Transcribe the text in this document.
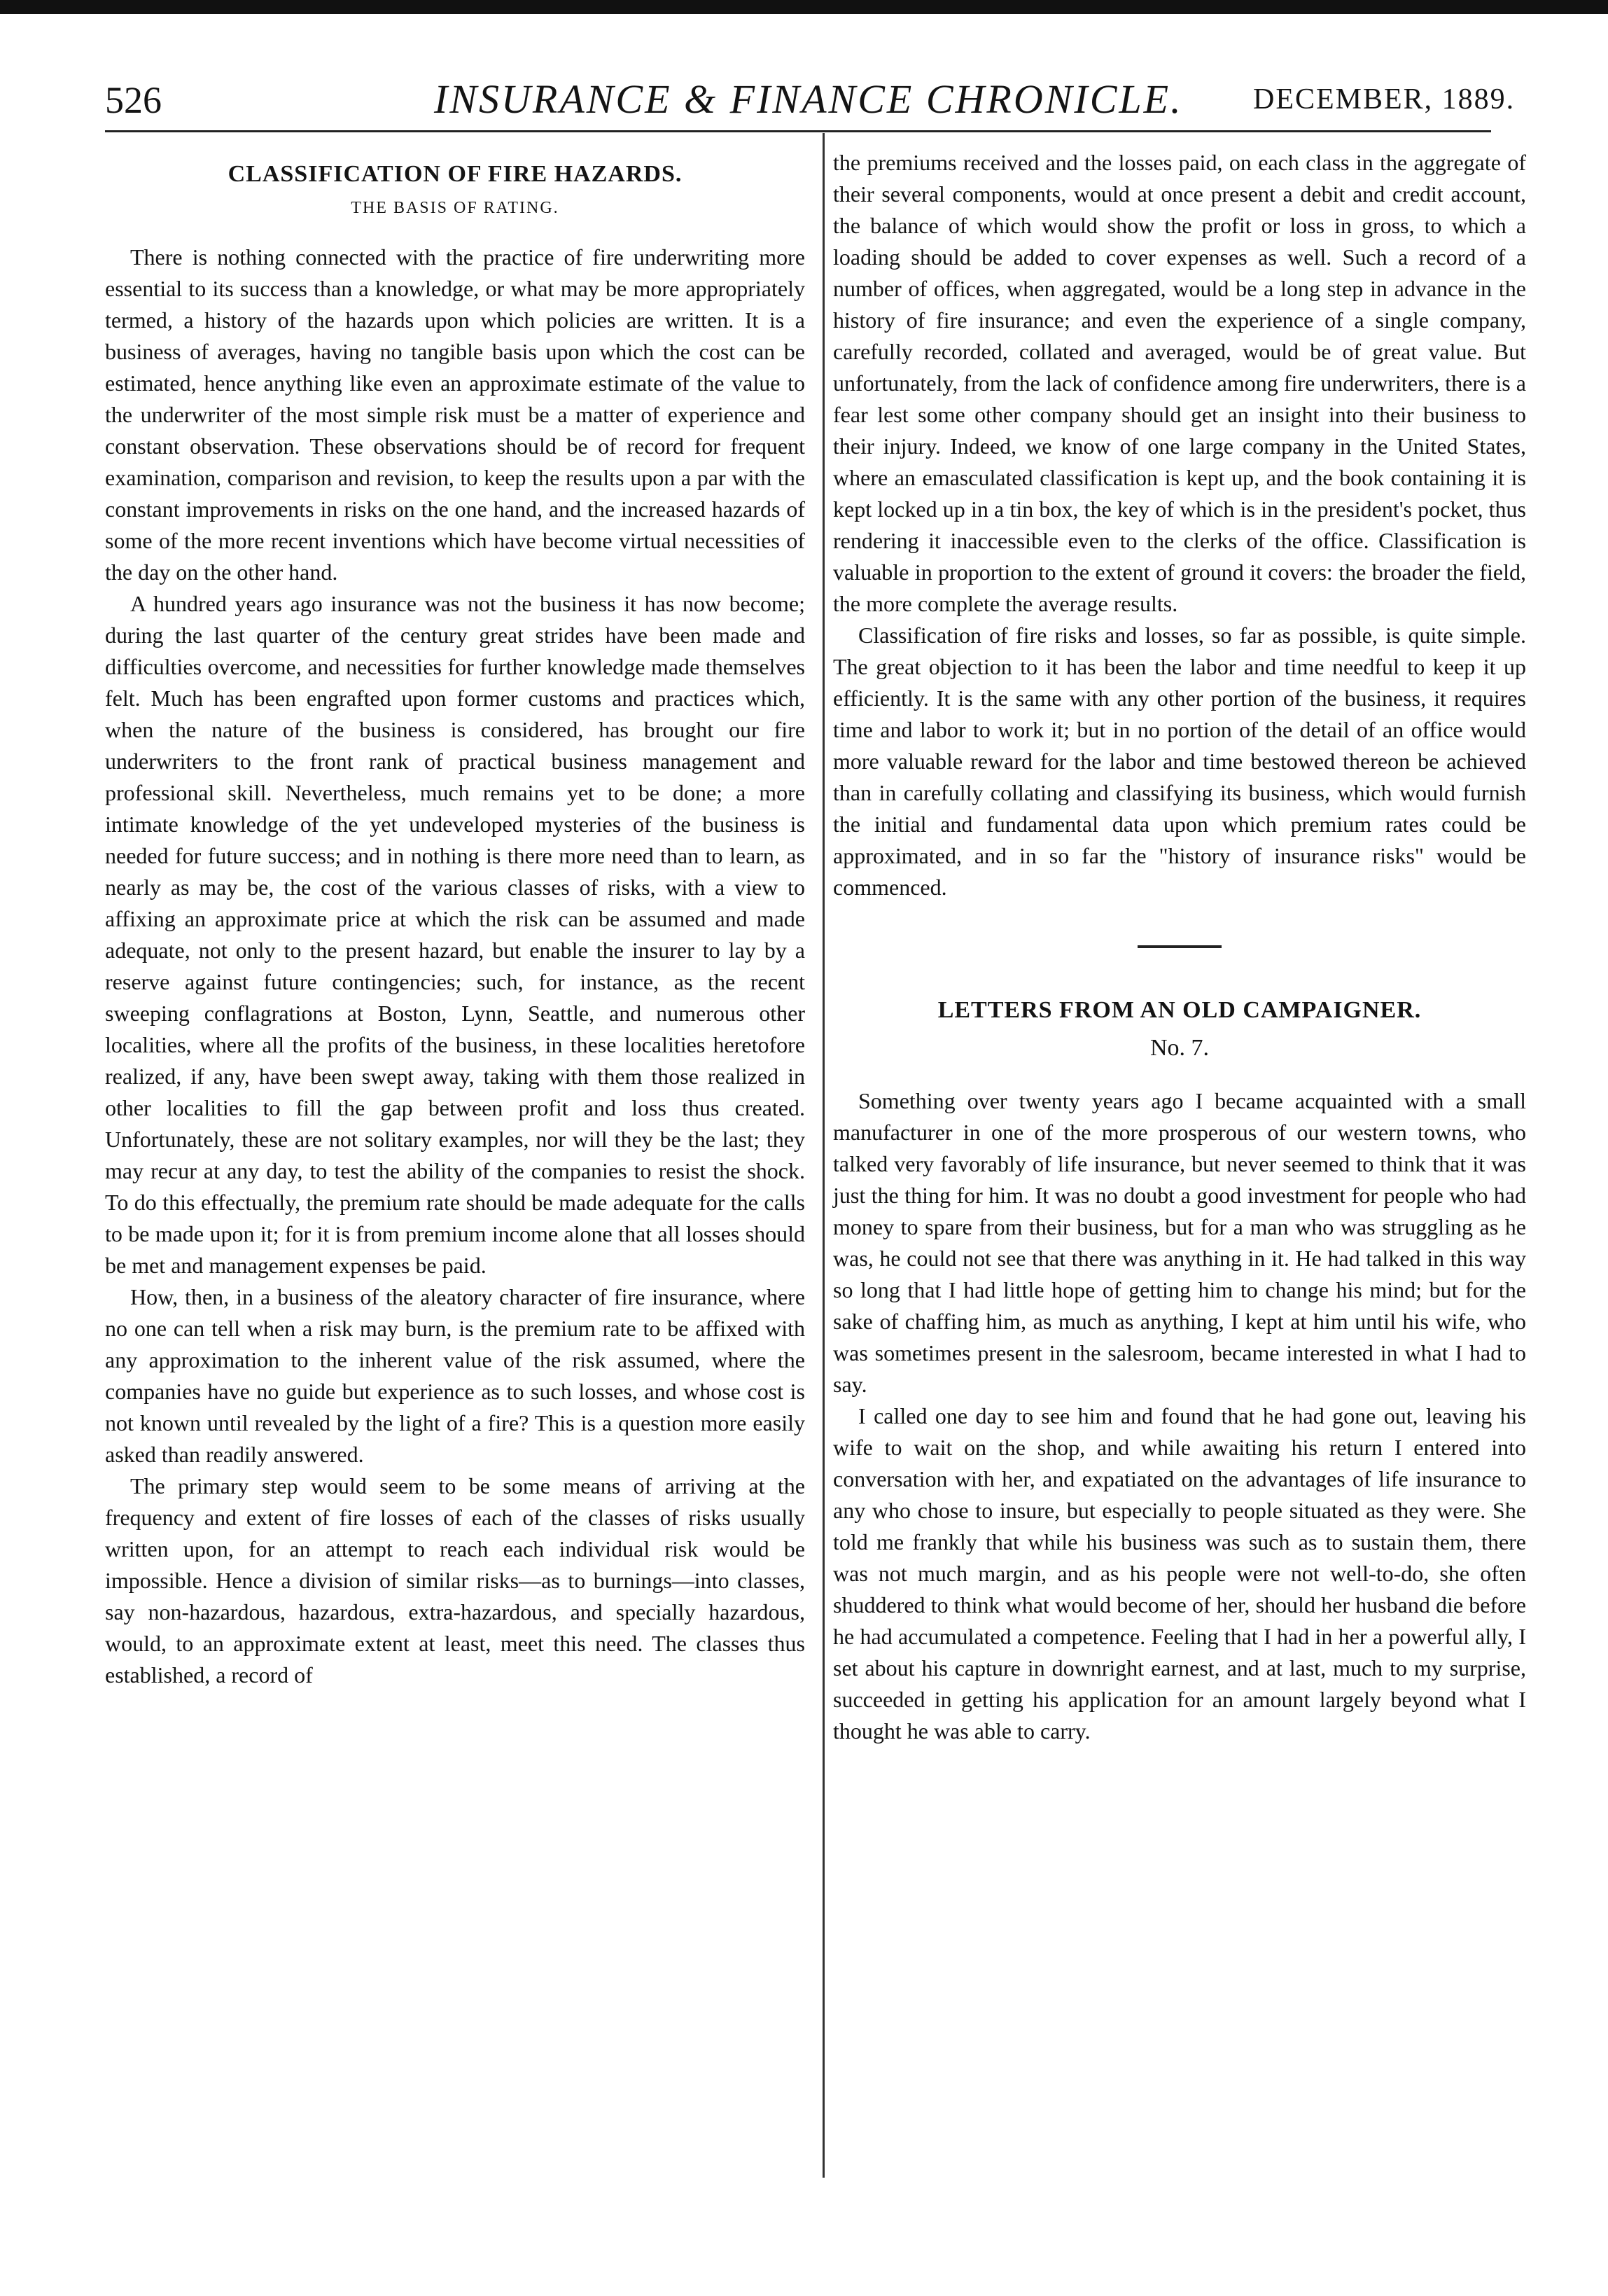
526	INSURANCE & FINANCE CHRONICLE. DECEMBER, 1889.
CLASSIFICATION OF FIRE HAZARDS.
THE BASIS OF RATING.

There is nothing connected with the practice of fire underwriting more essential to its success than a knowledge, or what may be more appropriately termed, a history of the hazards upon which policies are written. It is a business of averages, having no tangible basis upon which the cost can be estimated, hence anything like even an approximate estimate of the value to the underwriter of the most simple risk must be a matter of experience and constant observation. These observations should be of record for frequent examination, comparison and revision, to keep the results upon a par with the constant improvements in risks on the one hand, and the increased hazards of some of the more recent inventions which have become virtual necessities of the day on the other hand.

A hundred years ago insurance was not the business it has now become; during the last quarter of the century great strides have been made and difficulties overcome, and necessities for further knowledge made themselves felt. Much has been engrafted upon former customs and practices which, when the nature of the business is considered, has brought our fire underwriters to the front rank of practical business management and professional skill. Nevertheless, much remains yet to be done; a more intimate knowledge of the yet undeveloped mysteries of the business is needed for future success; and in nothing is there more need than to learn, as nearly as may be, the cost of the various classes of risks, with a view to affixing an approximate price at which the risk can be assumed and made adequate, not only to the present hazard, but enable the insurer to lay by a reserve against future contingencies; such, for instance, as the recent sweeping conflagrations at Boston, Lynn, Seattle, and numerous other localities, where all the profits of the business, in these localities heretofore realized, if any, have been swept away, taking with them those realized in other localities to fill the gap between profit and loss thus created. Unfortunately, these are not solitary examples, nor will they be the last; they may recur at any day, to test the ability of the companies to resist the shock. To do this effectually, the premium rate should be made adequate for the calls to be made upon it; for it is from premium income alone that all losses should be met and management expenses be paid.

How, then, in a business of the aleatory character of fire insurance, where no one can tell when a risk may burn, is the premium rate to be affixed with any approximation to the inherent value of the risk assumed, where the companies have no guide but experience as to such losses, and whose cost is not known until revealed by the light of a fire? This is a question more easily asked than readily answered.

The primary step would seem to be some means of arriving at the frequency and extent of fire losses of each of the classes of risks usually written upon, for an attempt to reach each individual risk would be impossible. Hence a division of similar risks—as to burnings—into classes, say non-hazardous, hazardous, extra-hazardous, and specially hazardous, would, to an approximate extent at least, meet this need. The classes thus established, a record of

the premiums received and the losses paid, on each class in the aggregate of their several components, would at once present a debit and credit account, the balance of which would show the profit or loss in gross, to which a loading should be added to cover expenses as well. Such a record of a number of offices, when aggregated, would be a long step in advance in the history of fire insurance; and even the experience of a single company, carefully recorded, collated and averaged, would be of great value. But unfortunately, from the lack of confidence among fire underwriters, there is a fear lest some other company should get an insight into their business to their injury. Indeed, we know of one large company in the United States, where an emasculated classification is kept up, and the book containing it is kept locked up in a tin box, the key of which is in the president's pocket, thus rendering it inaccessible even to the clerks of the office. Classification is valuable in proportion to the extent of ground it covers: the broader the field, the more complete the average results.

Classification of fire risks and losses, so far as possible, is quite simple. The great objection to it has been the labor and time needful to keep it up efficiently. It is the same with any other portion of the business, it requires time and labor to work it; but in no portion of the detail of an office would more valuable reward for the labor and time bestowed thereon be achieved than in carefully collating and classifying its business, which would furnish the initial and fundamental data upon which premium rates could be approximated, and in so far the "history of insurance risks" would be commenced.

LETTERS FROM AN OLD CAMPAIGNER.
No. 7.

Something over twenty years ago I became acquainted with a small manufacturer in one of the more prosperous of our western towns, who talked very favorably of life insurance, but never seemed to think that it was just the thing for him. It was no doubt a good investment for people who had money to spare from their business, but for a man who was struggling as he was, he could not see that there was anything in it. He had talked in this way so long that I had little hope of getting him to change his mind; but for the sake of chaffing him, as much as anything, I kept at him until his wife, who was sometimes present in the salesroom, became interested in what I had to say.

I called one day to see him and found that he had gone out, leaving his wife to wait on the shop, and while awaiting his return I entered into conversation with her, and expatiated on the advantages of life insurance to any who chose to insure, but especially to people situated as they were. She told me frankly that while his business was such as to sustain them, there was not much margin, and as his people were not well-to-do, she often shuddered to think what would become of her, should her husband die before he had accumulated a competence. Feeling that I had in her a powerful ally, I set about his capture in downright earnest, and at last, much to my surprise, succeeded in getting his application for an amount largely beyond what I thought he was able to carry.
